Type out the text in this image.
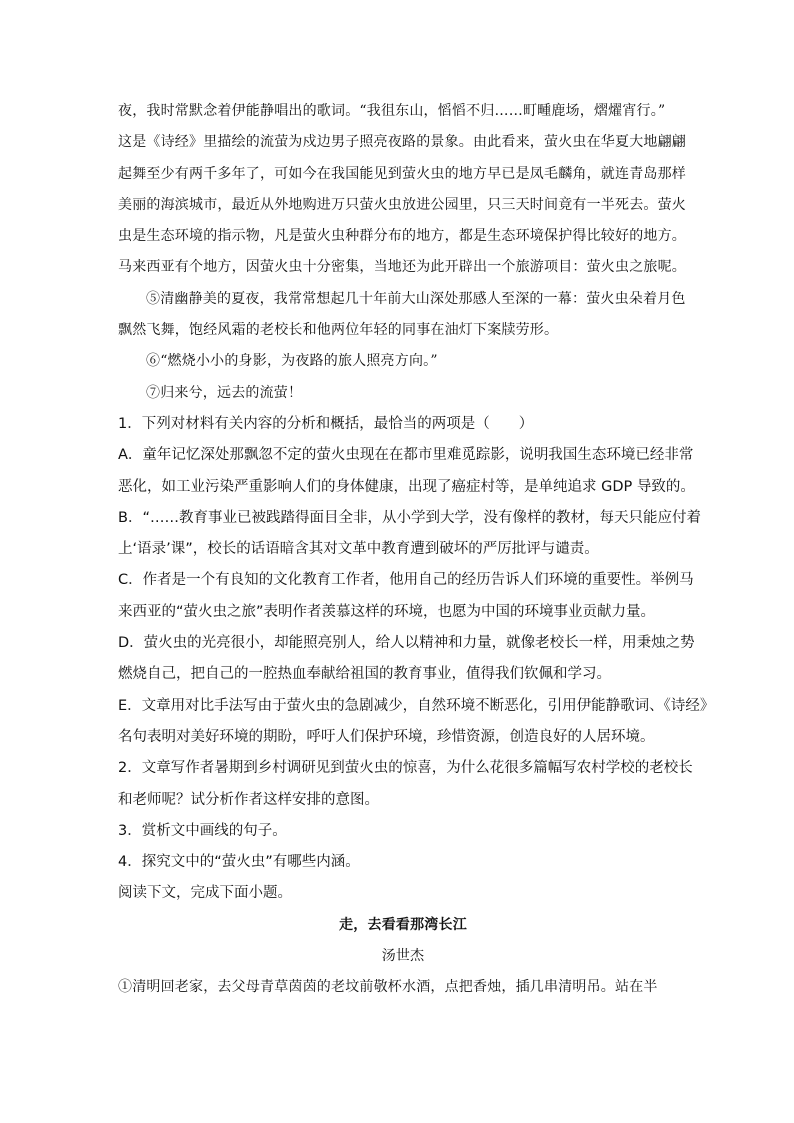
夜，我时常默念着伊能静唱出的歌词。“我徂东山，慆慆不归……町畽鹿场，熠燿宵行。”
这是《诗经》里描绘的流萤为戍边男子照亮夜路的景象。由此看来，萤火虫在华夏大地翩翩
起舞至少有两千多年了，可如今在我国能见到萤火虫的地方早已是凤毛麟角，就连青岛那样
美丽的海滨城市，最近从外地购进万只萤火虫放进公园里，只三天时间竟有一半死去。萤火
虫是生态环境的指示物，凡是萤火虫种群分布的地方，都是生态环境保护得比较好的地方。
马来西亚有个地方，因萤火虫十分密集，当地还为此开辟出一个旅游项目：萤火虫之旅呢。
⑤清幽静美的夏夜，我常常想起几十年前大山深处那感人至深的一幕：萤火虫朵着月色
飘然飞舞，饱经风霜的老校长和他两位年轻的同事在油灯下案牍劳形。
⑥“燃烧小小的身影，为夜路的旅人照亮方向。”
⑦归来兮，远去的流萤！
1．下列对材料有关内容的分析和概括，最恰当的两项是（　　）
A．童年记忆深处那飘忽不定的萤火虫现在在都市里难觅踪影，说明我国生态环境已经非常
恶化，如工业污染严重影响人们的身体健康，出现了癌症村等，是单纯追求 GDP 导致的。
B．“……教育事业已被践踏得面目全非，从小学到大学，没有像样的教材，每天只能应付着
上‘语录’课”，校长的话语暗含其对文革中教育遭到破坏的严厉批评与谴责。
C．作者是一个有良知的文化教育工作者，他用自己的经历告诉人们环境的重要性。举例马
来西亚的“萤火虫之旅”表明作者羡慕这样的环境，也愿为中国的环境事业贡献力量。
D．萤火虫的光亮很小，却能照亮别人，给人以精神和力量，就像老校长一样，用秉烛之势
燃烧自己，把自己的一腔热血奉献给祖国的教育事业，值得我们钦佩和学习。
E．文章用对比手法写由于萤火虫的急剧减少，自然环境不断恶化，引用伊能静歌词、《诗经》
名句表明对美好环境的期盼，呼吁人们保护环境，珍惜资源，创造良好的人居环境。
2．文章写作者暑期到乡村调研见到萤火虫的惊喜，为什么花很多篇幅写农村学校的老校长
和老师呢？试分析作者这样安排的意图。
3．赏析文中画线的句子。
4．探究文中的“萤火虫”有哪些内涵。
阅读下文，完成下面小题。
走，去看看那湾长江
汤世杰
①清明回老家，去父母青草茵茵的老坟前敬杯水酒，点把香烛，插几串清明吊。站在半
